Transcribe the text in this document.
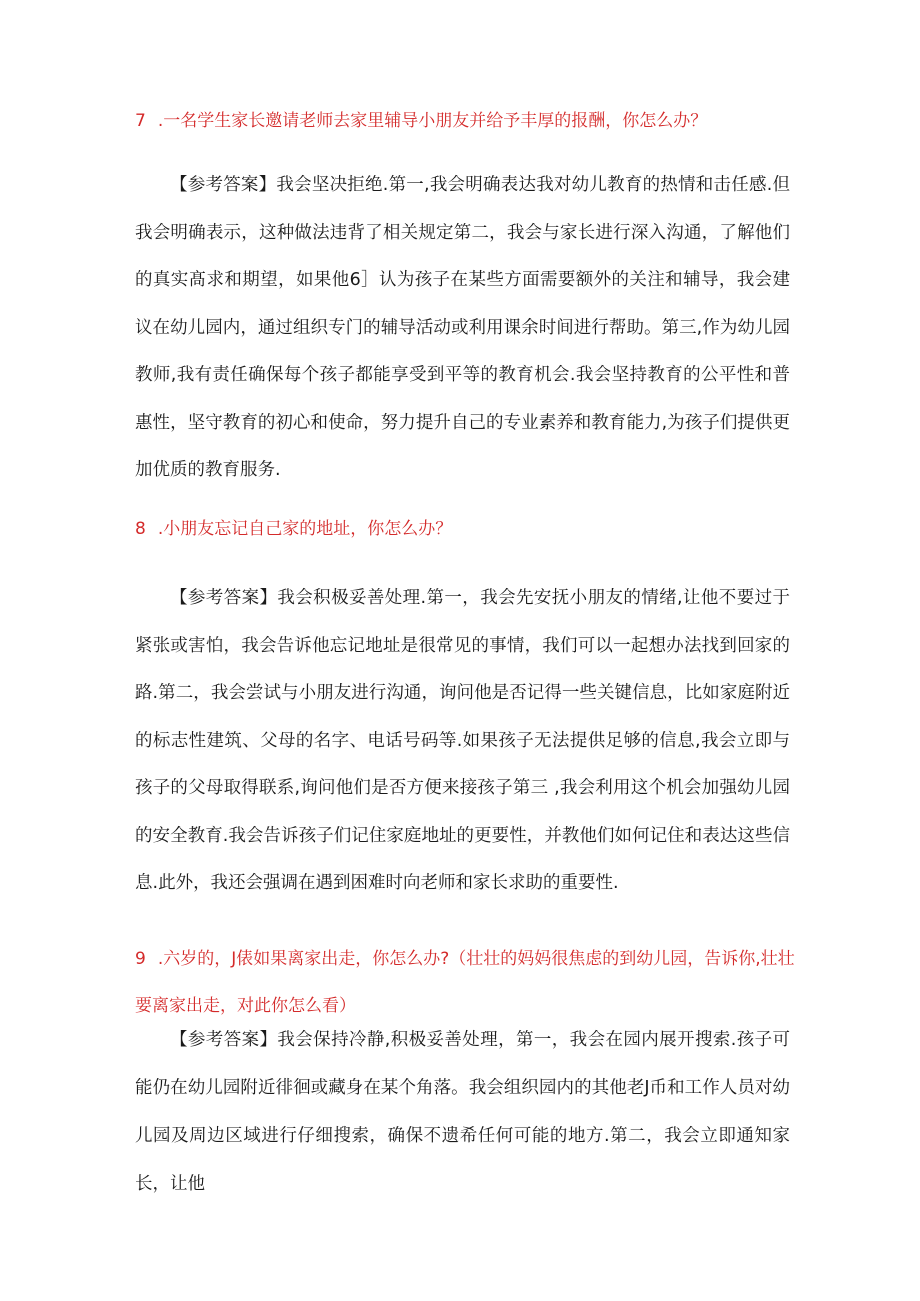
7 .一名学生家长邀请老师去家里辅导小朋友并给予丰厚的报酬，你怎么办？

【参考答案】我会坚决拒绝.第一,我会明确表达我对幼儿教育的热情和击任感.但我会明确表示，这种做法违背了相关规定第二，我会与家长进行深入沟通，了解他们的真实髙求和期望，如果他6］认为孩子在某些方面需要额外的关注和辅导，我会建议在幼儿园内，通过组织专门的辅导活动或利用课余时间进行帮助。第三,作为幼儿园教师,我有责任确保每个孩子都能享受到平等的教育机会.我会坚持教育的公平性和普惠性，坚守教育的初心和使命，努力提升自己的专业素养和教育能力,为孩子们提供更加优质的教育服务.

8 .小朋友忘记自己家的地址，你怎么办？

【参考答案】我会积极妥善处理.第一，我会先安抚小朋友的情绪,让他不要过于紧张或害怕，我会告诉他忘记地址是很常见的事情，我们可以一起想办法找到回家的路.第二，我会尝试与小朋友进行沟通，询问他是否记得一些关键信息，比如家庭附近的标志性建筑、父母的名字、电话号码等.如果孩子无法提供足够的信息,我会立即与孩子的父母取得联系,询问他们是否方便来接孩子第三 ,我会利用这个机会加强幼儿园的安全教育.我会告诉孩子们记住家庭地址的更要性，并教他们如何记住和表达这些信息.此外，我还会强调在遇到困难时向老师和家长求助的重要性.

9 .六岁的，J俵如果离家出走，你怎么办?（壮壮的妈妈很焦虑的到幼儿园，告诉你,壮壮要离家出走，对此你怎么看）

【参考答案】我会保持冷静,积极妥善处理，第一，我会在园内展开搜索.孩子可能仍在幼儿园附近徘徊或藏身在某个角落。我会组织园内的其他老J币和工作人员对幼儿园及周边区域进行仔细搜索，确保不遗希任何可能的地方.第二，我会立即通知家长，让他
